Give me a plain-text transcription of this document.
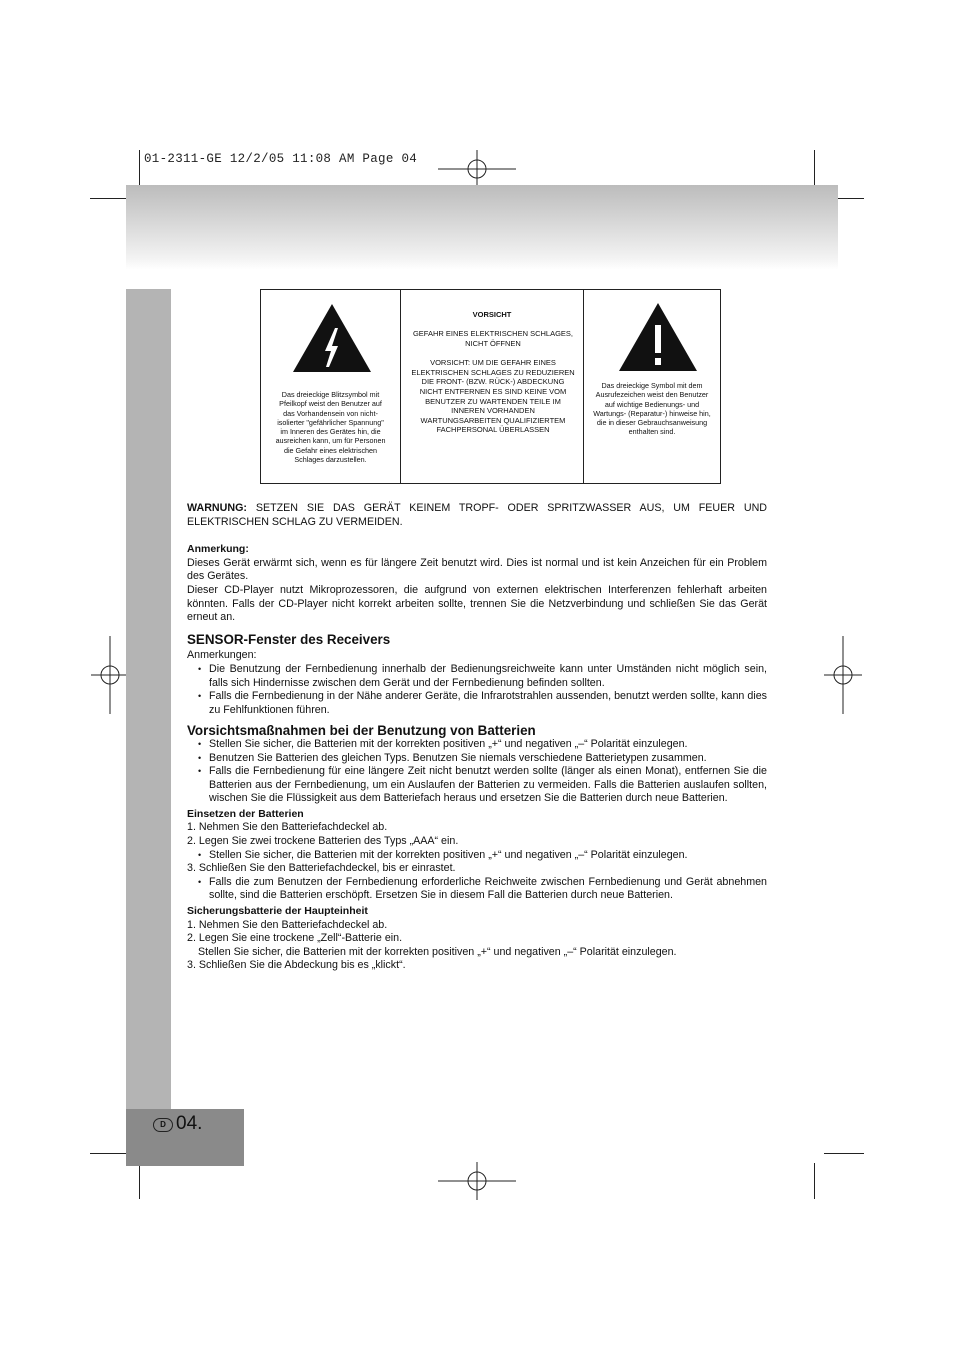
01-2311-GE 12/2/05 11:08 AM Page 04
D 04.
Das dreieckige Blitzsymbol mit Pfeilkopf weist den Benutzer auf das Vorhandensein von nicht-isolierter "gefährlicher Spannung" im Inneren des Gerätes hin, die ausreichen kann, um für Personen die Gefahr eines elektrischen Schlages darzustellen.
VORSICHT
GEFAHR EINES ELEKTRISCHEN SCHLAGES, NICHT ÖFFNEN
VORSICHT: UM DIE GEFAHR EINES ELEKTRISCHEN SCHLAGES ZU REDUZIEREN DIE FRONT- (BZW. RÜCK-) ABDECKUNG NICHT ENTFERNEN ES SIND KEINE VOM BENUTZER ZU WARTENDEN TEILE IM INNEREN VORHANDEN WARTUNGSARBEITEN QUALIFIZIERTEM FACHPERSONAL ÜBERLASSEN
Das dreieckige Symbol mit dem Ausrufezeichen weist den Benutzer auf wichtige Bedienungs- und Wartungs- (Reparatur-) hinweise hin, die in dieser Gebrauchsanweisung enthalten sind.

WARNUNG: SETZEN SIE DAS GERÄT KEINEM TROPF- ODER SPRITZWASSER AUS, UM FEUER UND ELEKTRISCHEN SCHLAG ZU VERMEIDEN.

Anmerkung:

Dieses Gerät erwärmt sich, wenn es für längere Zeit benutzt wird. Dies ist normal und ist kein Anzeichen für ein Problem des Gerätes.

Dieser CD-Player nutzt Mikroprozessoren, die aufgrund von externen elektrischen Interferenzen fehlerhaft arbeiten könnten. Falls der CD-Player nicht korrekt arbeiten sollte, trennen Sie die Netzverbindung und schließen Sie das Gerät erneut an.

SENSOR-Fenster des Receivers

Anmerkungen:

• Die Benutzung der Fernbedienung innerhalb der Bedienungsreichweite kann unter Umständen nicht möglich sein, falls sich Hindernisse zwischen dem Gerät und der Fernbedienung befinden sollten.
• Falls die Fernbedienung in der Nähe anderer Geräte, die Infrarotstrahlen aussenden, benutzt werden sollte, kann dies zu Fehlfunktionen führen.

Vorsichtsmaßnahmen bei der Benutzung von Batterien

• Stellen Sie sicher, die Batterien mit der korrekten positiven „+“ und negativen „–“ Polarität einzulegen.
• Benutzen Sie Batterien des gleichen Typs. Benutzen Sie niemals verschiedene Batterietypen zusammen.
• Falls die Fernbedienung für eine längere Zeit nicht benutzt werden sollte (länger als einen Monat), entfernen Sie die Batterien aus der Fernbedienung, um ein Auslaufen der Batterien zu vermeiden. Falls die Batterien auslaufen sollten, wischen Sie die Flüssigkeit aus dem Batteriefach heraus und ersetzen Sie die Batterien durch neue Batterien.

Einsetzen der Batterien

1. Nehmen Sie den Batteriefachdeckel ab.

2. Legen Sie zwei trockene Batterien des Typs „AAA“ ein.

• Stellen Sie sicher, die Batterien mit der korrekten positiven „+“ und negativen „–“ Polarität einzulegen.

3. Schließen Sie den Batteriefachdeckel, bis er einrastet.

• Falls die zum Benutzen der Fernbedienung erforderliche Reichweite zwischen Fernbedienung und Gerät abnehmen sollte, sind die Batterien erschöpft. Ersetzen Sie in diesem Fall die Batterien durch neue Batterien.

Sicherungsbatterie der Haupteinheit

1. Nehmen Sie den Batteriefachdeckel ab.

2. Legen Sie eine trockene „Zell“-Batterie ein.

Stellen Sie sicher, die Batterien mit der korrekten positiven „+“ und negativen „–“ Polarität einzulegen.

3. Schließen Sie die Abdeckung bis es „klickt“.
